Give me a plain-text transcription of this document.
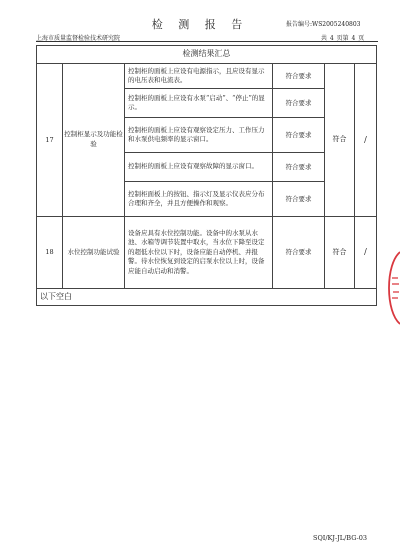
检 测 报 告	报告编号:WS2005240803
上海市质量监督检验技术研究院	共 4 页第 4 页
检测结果汇总					
17	控制柜显示及功能检验	控制柜的面板上应设有电源指示，且应设有显示的电压表和电流表。	符合要求	符合	/
		控制柜的面板上应设有水泵“启动”、“停止”的显示。	符合要求		
		控制柜的面板上应设有观察设定压力、工作压力和水泵供电频率的显示窗口。	符合要求		
		控制柜的面板上应设有观察故障的显示窗口。	符合要求		
		控制柜面板上的按钮、指示灯及显示仪表应分布合理和齐全，并且方便操作和观察。	符合要求		
18	水位控制功能试验	设备应具有水位控制功能。设备中的水泵从水池、水箱等调节装置中取水，当水位下降至设定的超低水位以下时，设备应能自动停机、并报警。待水位恢复到设定的启泵水位以上时，设备应能自动启动和消警。	符合要求	符合	/
以下空白					
SQI/KJ-JL/BG-03
